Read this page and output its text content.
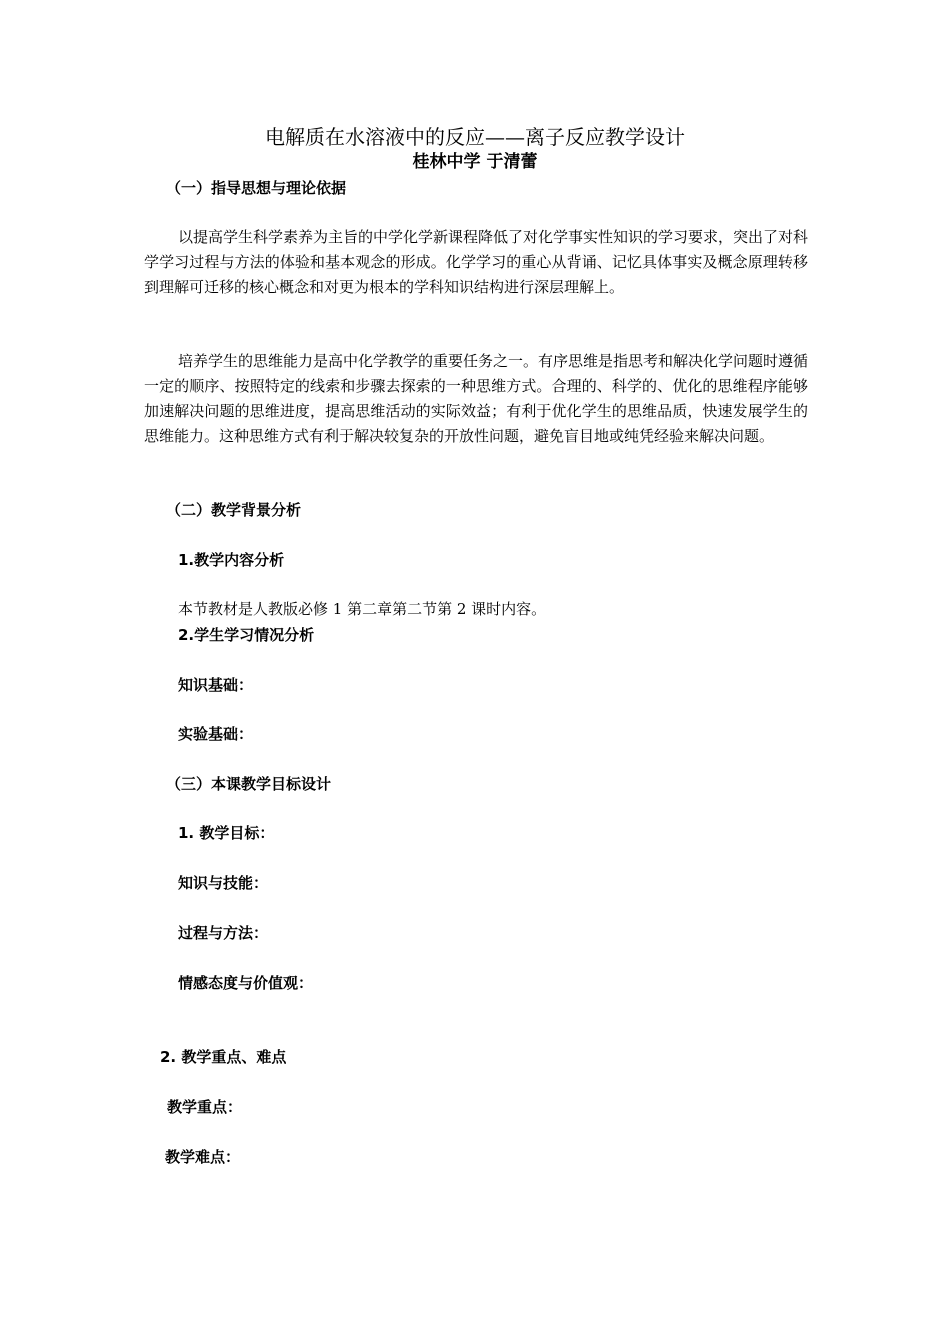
电解质在水溶液中的反应——离子反应教学设计
桂林中学 于清蕾
（一）指导思想与理论依据
以提高学生科学素养为主旨的中学化学新课程降低了对化学事实性知识的学习要求，突出了对科学学习过程与方法的体验和基本观念的形成。化学学习的重心从背诵、记忆具体事实及概念原理转移到理解可迁移的核心概念和对更为根本的学科知识结构进行深层理解上。
培养学生的思维能力是高中化学教学的重要任务之一。有序思维是指思考和解决化学问题时遵循一定的顺序、按照特定的线索和步骤去探索的一种思维方式。合理的、科学的、优化的思维程序能够加速解决问题的思维进度，提高思维活动的实际效益；有利于优化学生的思维品质，快速发展学生的思维能力。这种思维方式有利于解决较复杂的开放性问题，避免盲目地或纯凭经验来解决问题。
（二）教学背景分析
1.教学内容分析
本节教材是人教版必修 1 第二章第二节第 2 课时内容。
2.学生学习情况分析
知识基础：
实验基础：
（三）本课教学目标设计
1. 教学目标：
知识与技能：
过程与方法：
情感态度与价值观：
2. 教学重点、难点
教学重点：
教学难点：
